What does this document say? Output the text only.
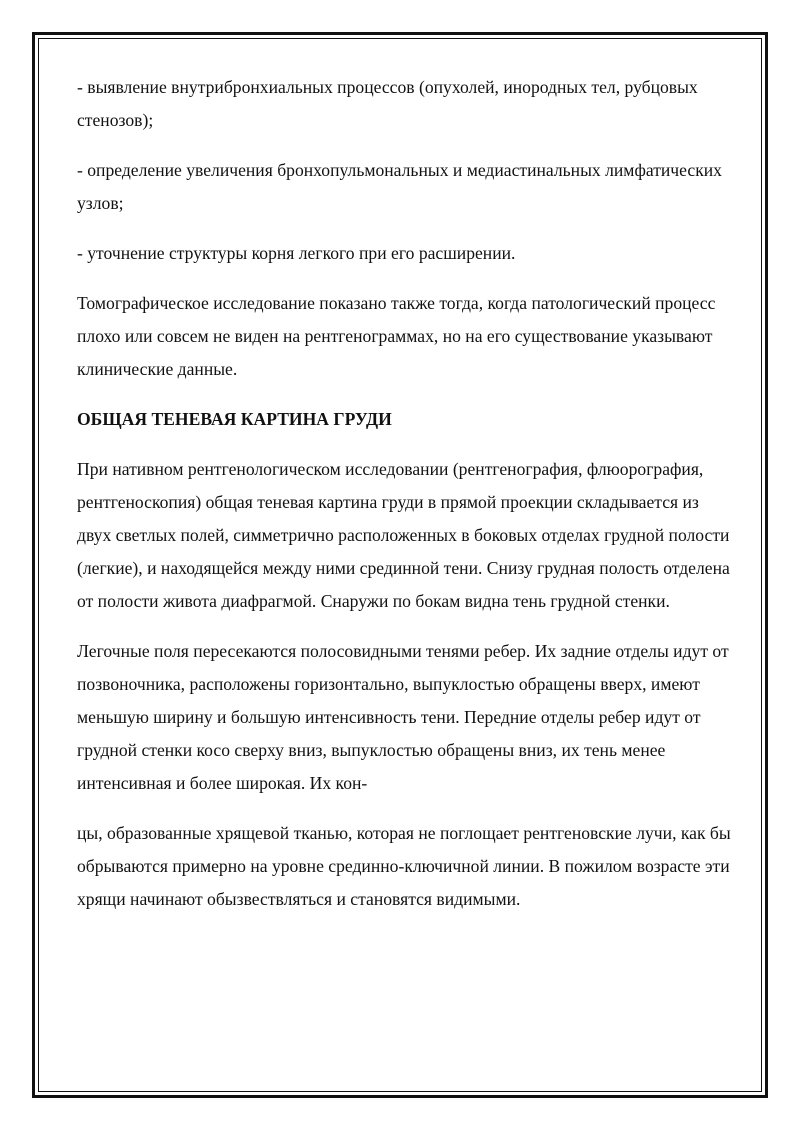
- выявление внутрибронхиальных процессов (опухолей, инородных тел, рубцовых стенозов);

- определение увеличения бронхопульмональных и медиастинальных лимфатических узлов;

- уточнение структуры корня легкого при его расширении.

Томографическое исследование показано также тогда, когда патологический процесс плохо или совсем не виден на рентгенограммах, но на его существование указывают клинические данные.

ОБЩАЯ ТЕНЕВАЯ КАРТИНА ГРУДИ

При нативном рентгенологическом исследовании (рентгенография, флюорография, рентгеноскопия) общая теневая картина груди в прямой проекции складывается из двух светлых полей, симметрично расположенных в боковых отделах грудной полости (легкие), и находящейся между ними срединной тени. Снизу грудная полость отделена от полости живота диафрагмой. Снаружи по бокам видна тень грудной стенки.

Легочные поля пересекаются полосовидными тенями ребер. Их задние отделы идут от позвоночника, расположены горизонтально, выпуклостью обращены вверх, имеют меньшую ширину и большую интенсивность тени. Передние отделы ребер идут от грудной стенки косо сверху вниз, выпуклостью обращены вниз, их тень менее интенсивная и более широкая. Их кон-

цы, образованные хрящевой тканью, которая не поглощает рентгеновские лучи, как бы обрываются примерно на уровне срединно-ключичной линии. В пожилом возрасте эти хрящи начинают обызвествляться и становятся видимыми.
